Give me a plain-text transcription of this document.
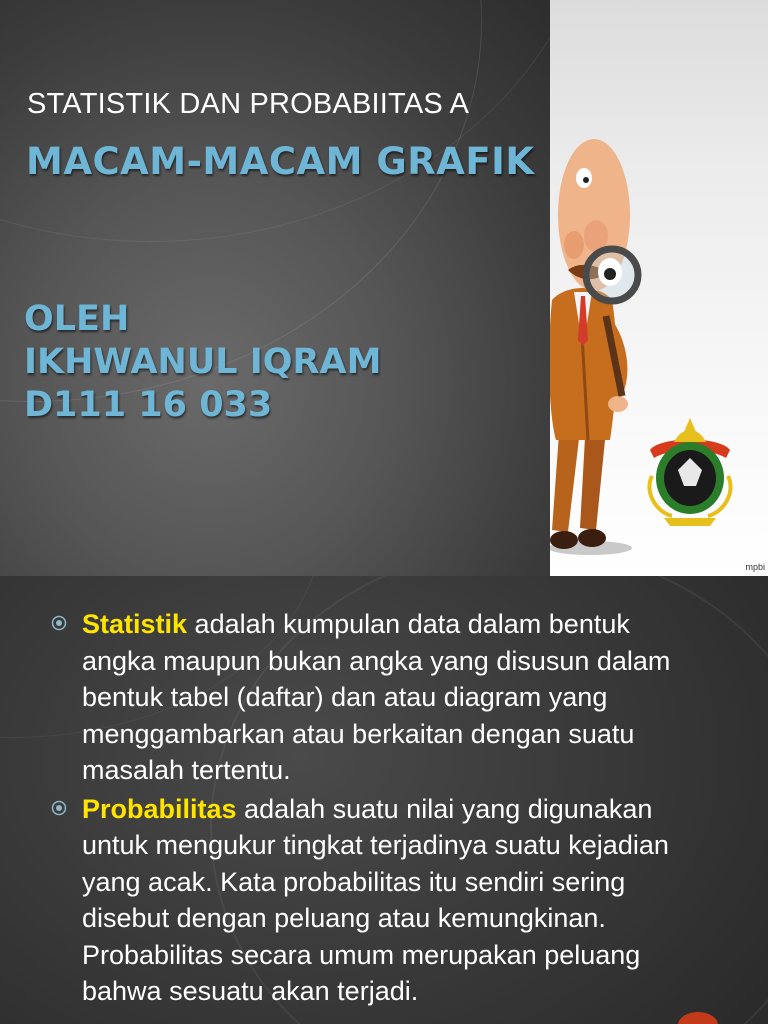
STATISTIK DAN PROBABIITAS A
MACAM-MACAM GRAFIK
OLEH
IKHWANUL IQRAM
D111 16 033
mpbi
Statistik adalah kumpulan data dalam bentuk angka maupun bukan angka yang disusun dalam bentuk tabel (daftar) dan atau diagram yang menggambarkan atau berkaitan dengan suatu masalah tertentu.
Probabilitas adalah suatu nilai yang digunakan untuk mengukur tingkat terjadinya suatu kejadian yang acak. Kata probabilitas itu sendiri sering disebut dengan peluang atau kemungkinan. Probabilitas secara umum merupakan peluang bahwa sesuatu akan terjadi.
